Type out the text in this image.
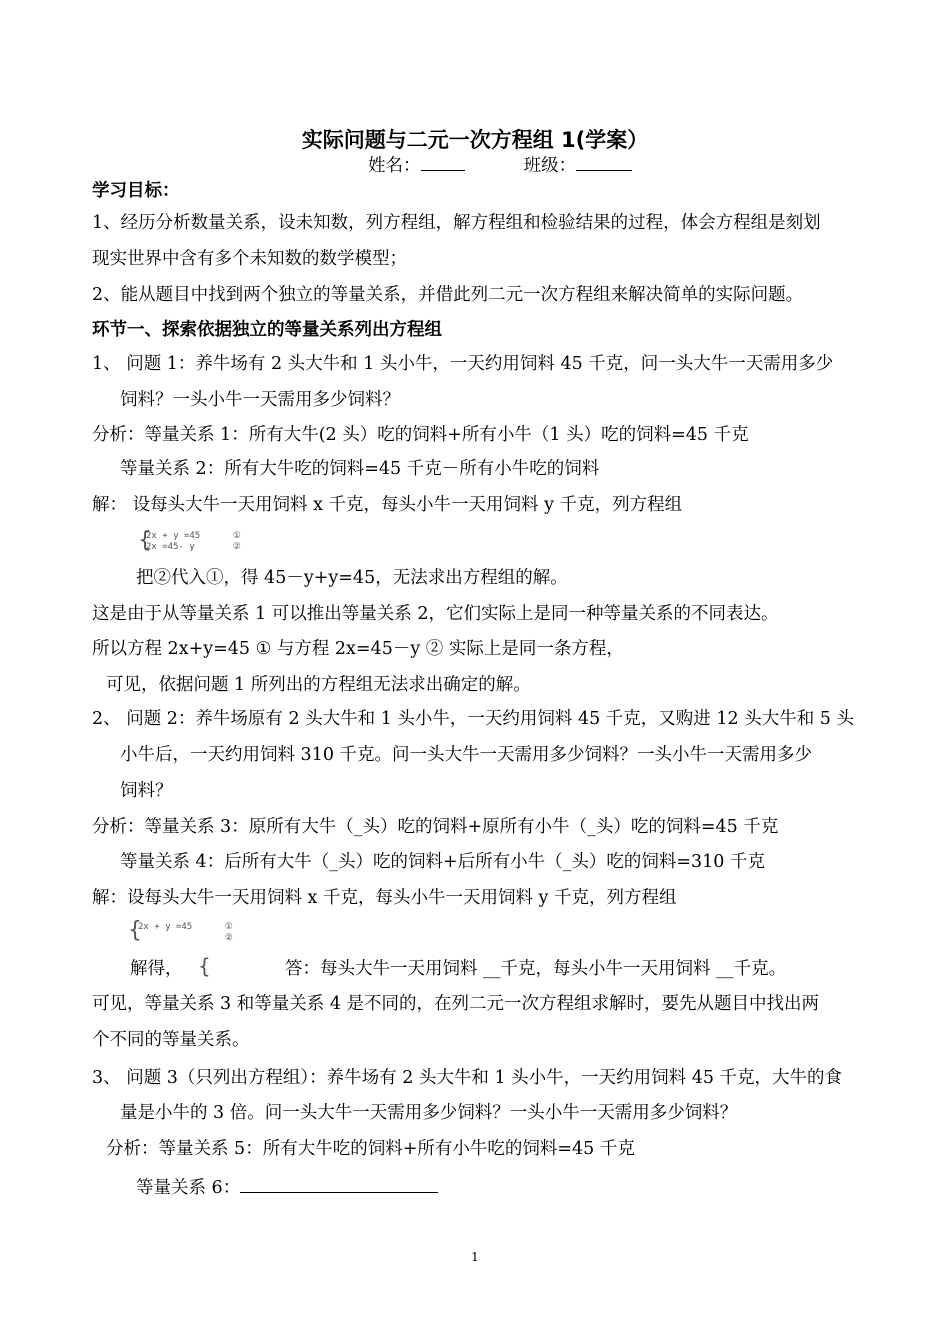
实际问题与二元一次方程组 1(学案）
姓名：	班级：
学习目标：
1、经历分析数量关系，设未知数，列方程组，解方程组和检验结果的过程，体会方程组是刻划
现实世界中含有多个未知数的数学模型；
2、能从题目中找到两个独立的等量关系，并借此列二元一次方程组来解决简单的实际问题。
环节一、探索依据独立的等量关系列出方程组
1、 问题 1：养牛场有 2 头大牛和 1 头小牛，一天约用饲料 45 千克，问一头大牛一天需用多少
饲料？一头小牛一天需用多少饲料？
分析：等量关系 1：所有大牛(2 头）吃的饲料+所有小牛（1 头）吃的饲料=45 千克
等量关系 2：所有大牛吃的饲料=45 千克－所有小牛吃的饲料
解： 设每头大牛一天用饲料 x 千克，每头小牛一天用饲料 y 千克，列方程组
{
2x + y =45	①
2x =45- y	②
把②代入①，得 45－y+y=45，无法求出方程组的解。
这是由于从等量关系 1 可以推出等量关系 2，它们实际上是同一种等量关系的不同表达。
所以方程 2x+y=45 ① 与方程 2x=45－y ② 实际上是同一条方程，
可见，依据问题 1 所列出的方程组无法求出确定的解。
2、 问题 2：养牛场原有 2 头大牛和 1 头小牛，一天约用饲料 45 千克，又购进 12 头大牛和 5 头
小牛后，一天约用饲料 310 千克。问一头大牛一天需用多少饲料？一头小牛一天需用多少
饲料？
分析：等量关系 3：原所有大牛（_头）吃的饲料+原所有小牛（_头）吃的饲料=45 千克
等量关系 4：后所有大牛（_头）吃的饲料+后所有小牛（_头）吃的饲料=310 千克
解：设每头大牛一天用饲料 x 千克，每头小牛一天用饲料 y 千克，列方程组
{
2x + y =45	①
②
解得， {	答：每头大牛一天用饲料 __千克，每头小牛一天用饲料 __千克。
可见，等量关系 3 和等量关系 4 是不同的，在列二元一次方程组求解时，要先从题目中找出两
个不同的等量关系。
3、 问题 3（只列出方程组）：养牛场有 2 头大牛和 1 头小牛，一天约用饲料 45 千克，大牛的食
量是小牛的 3 倍。问一头大牛一天需用多少饲料？一头小牛一天需用多少饲料？
分析：等量关系 5：所有大牛吃的饲料+所有小牛吃的饲料=45 千克
等量关系 6：
1
